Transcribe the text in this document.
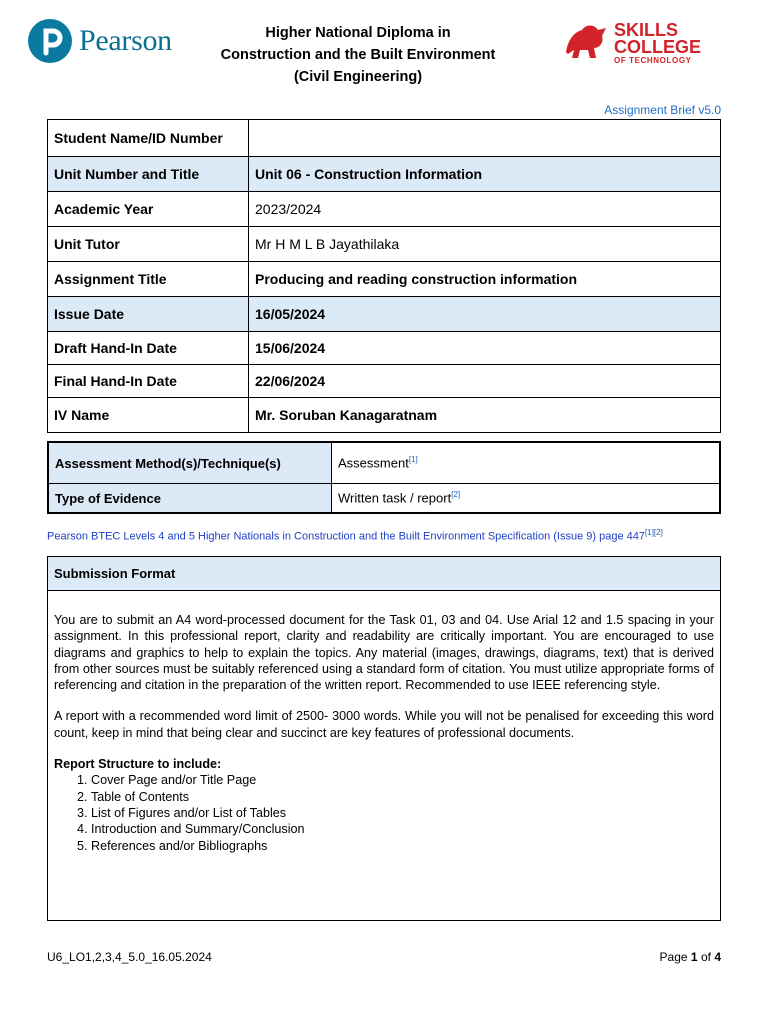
Pearson	Higher National Diploma in
Construction and the Built Environment
(Civil Engineering)
SKILLS
COLLEGE
OF TECHNOLOGY
Assignment Brief v5.0
Student Name/ID Number	
Unit Number and Title	Unit 06 - Construction Information
Academic Year	2023/2024
Unit Tutor	Mr H M L B Jayathilaka
Assignment Title	Producing and reading construction information
Issue Date	16/05/2024
Draft Hand-In Date	15/06/2024
Final Hand-In Date	22/06/2024
IV Name	Mr. Soruban Kanagaratnam
Assessment Method(s)/Technique(s)	Assessment[1]
Type of Evidence	Written task / report[2]
Pearson BTEC Levels 4 and 5 Higher Nationals in Construction and the Built Environment Specification (Issue 9) page 447[1][2]
Submission Format

You are to submit an A4 word-processed document for the Task 01, 03 and 04. Use Arial 12 and 1.5 spacing in your assignment. In this professional report, clarity and readability are critically important. You are encouraged to use diagrams and graphics to help to explain the topics. Any material (images, drawings, diagrams, text) that is derived from other sources must be suitably referenced using a standard form of citation. You must utilize appropriate forms of referencing and citation in the preparation of the written report. Recommended to use IEEE referencing style.

A report with a recommended word limit of 2500- 3000 words. While you will not be penalised for exceeding this word count, keep in mind that being clear and succinct are key features of professional documents.

Report Structure to include:
1. Cover Page and/or Title Page
2. Table of Contents
3. List of Figures and/or List of Tables
4. Introduction and Summary/Conclusion
5. References and/or Bibliographs
U6_LO1,2,3,4_5.0_16.05.2024	Page 1 of 4
